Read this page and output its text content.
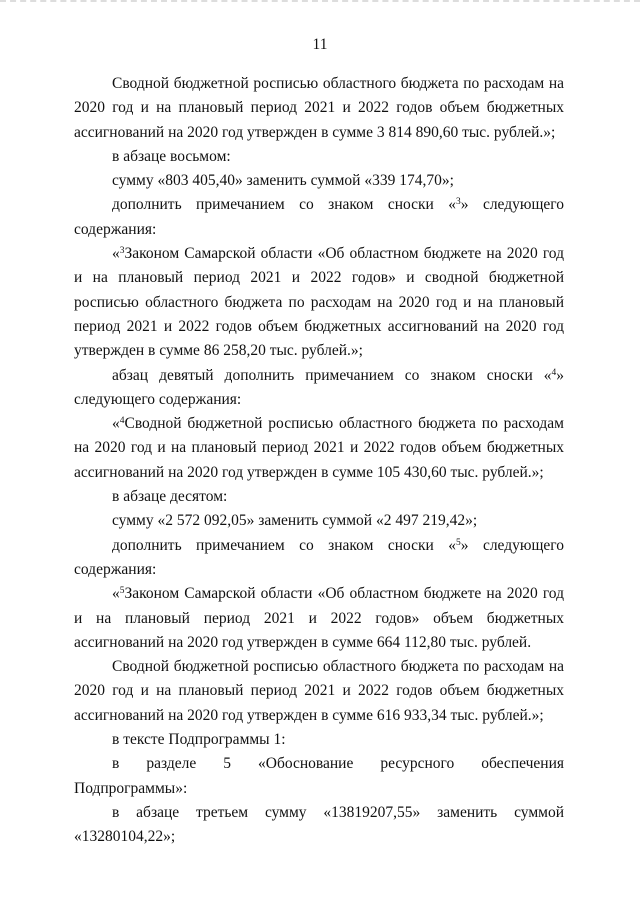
11

Сводной бюджетной росписью областного бюджета по расходам на 2020 год и на плановый период 2021 и 2022 годов объем бюджетных ассигнований на 2020 год утвержден в сумме 3 814 890,60 тыс. рублей.»;

в абзаце восьмом:

сумму «803 405,40» заменить суммой «339 174,70»;

дополнить примечанием со знаком сноски «$^3$» следующего содержания:

«$^3$Законом Самарской области «Об областном бюджете на 2020 год и на плановый период 2021 и 2022 годов» и сводной бюджетной росписью областного бюджета по расходам на 2020 год и на плановый период 2021 и 2022 годов объем бюджетных ассигнований на 2020 год утвержден в сумме 86 258,20 тыс. рублей.»;

абзац девятый дополнить примечанием со знаком сноски «$^4$» следующего содержания:

«$^4$Сводной бюджетной росписью областного бюджета по расходам на 2020 год и на плановый период 2021 и 2022 годов объем бюджетных ассигнований на 2020 год утвержден в сумме 105 430,60 тыс. рублей.»;

в абзаце десятом:

сумму «2 572 092,05» заменить суммой «2 497 219,42»;

дополнить примечанием со знаком сноски «$^5$» следующего содержания:

«$^5$Законом Самарской области «Об областном бюджете на 2020 год и на плановый период 2021 и 2022 годов» объем бюджетных ассигнований на 2020 год утвержден в сумме 664 112,80 тыс. рублей.

Сводной бюджетной росписью областного бюджета по расходам на 2020 год и на плановый период 2021 и 2022 годов объем бюджетных ассигнований на 2020 год утвержден в сумме 616 933,34 тыс. рублей.»;

в тексте Подпрограммы 1:

в разделе 5 «Обоснование ресурсного обеспечения Подпрограммы»:

в абзаце третьем сумму «13819207,55» заменить суммой «13280104,22»;
